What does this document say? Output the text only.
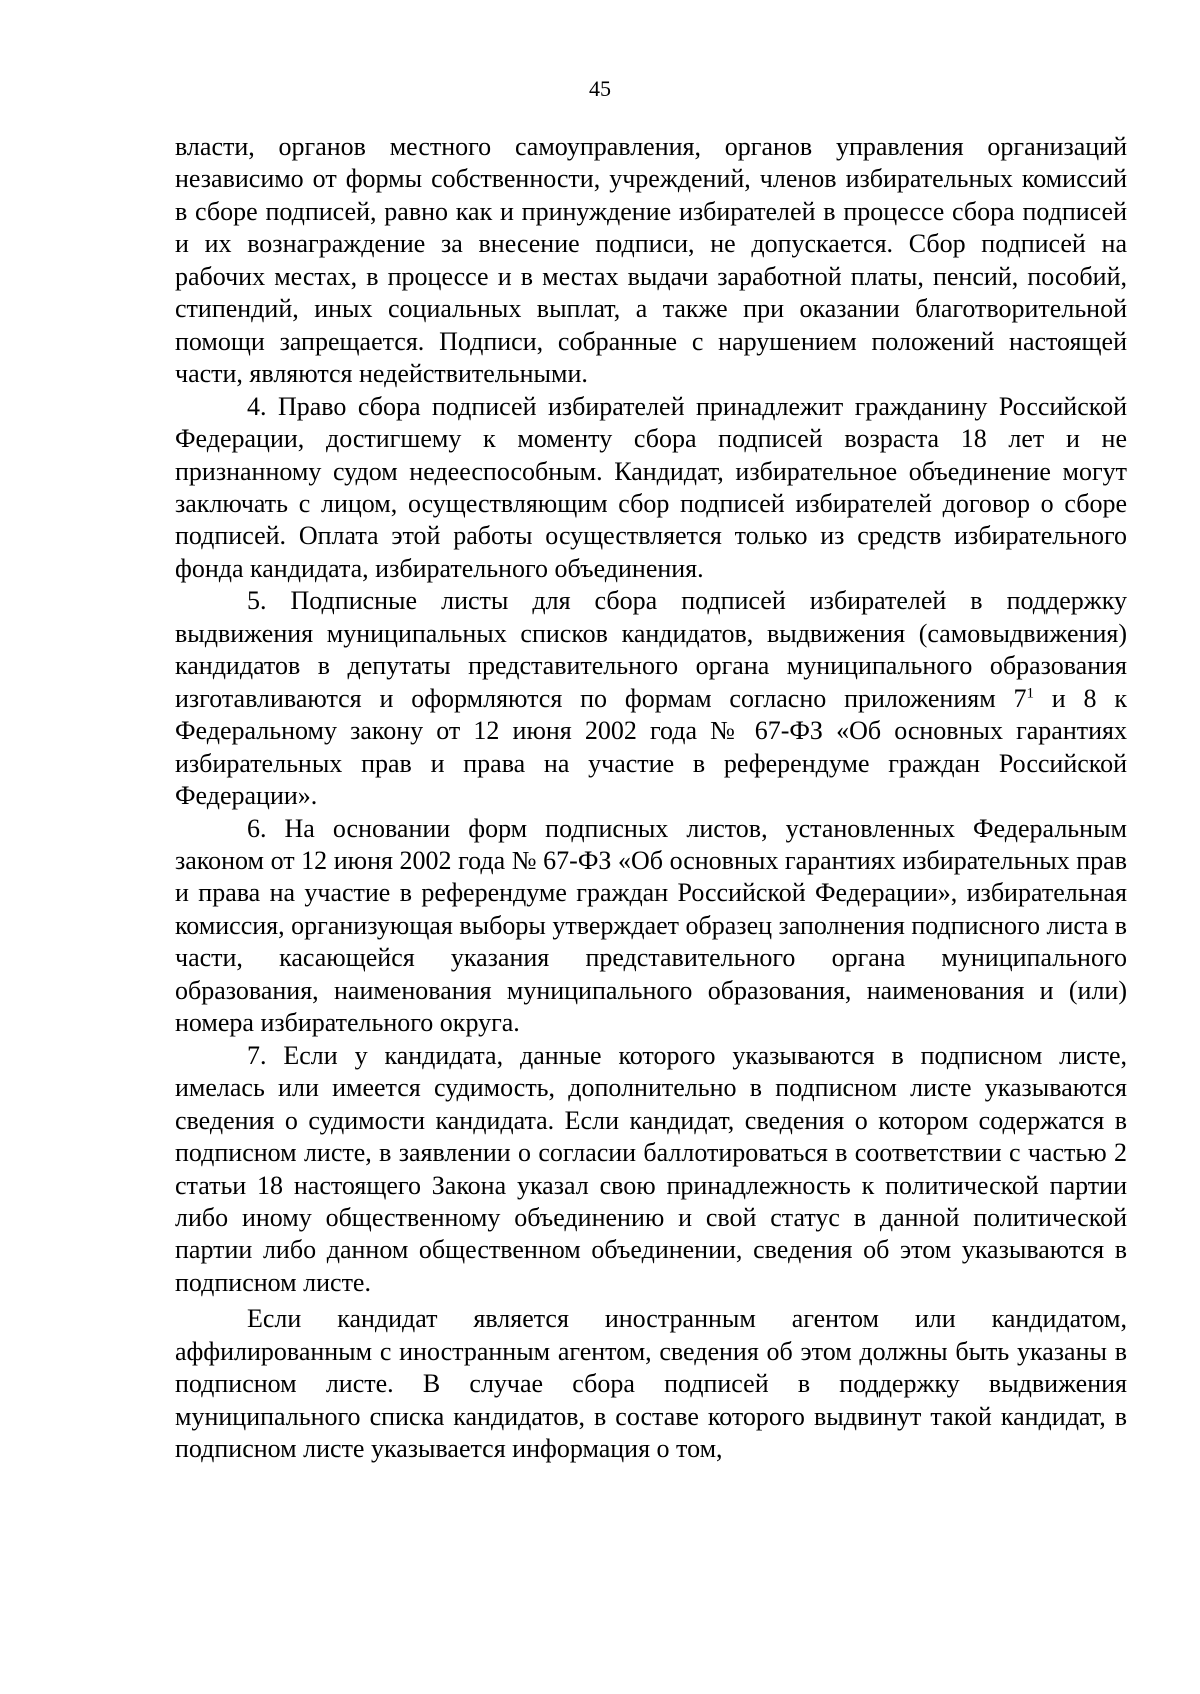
45

власти, органов местного самоуправления, органов управления организаций независимо от формы собственности, учреждений, членов избирательных комиссий в сборе подписей, равно как и принуждение избирателей в процессе сбора подписей и их вознаграждение за внесение подписи, не допускается. Сбор подписей на рабочих местах, в процессе и в местах выдачи заработной платы, пенсий, пособий, стипендий, иных социальных выплат, а также при оказании благотворительной помощи запрещается. Подписи, собранные с нарушением положений настоящей части, являются недействительными.

4. Право сбора подписей избирателей принадлежит гражданину Российской Федерации, достигшему к моменту сбора подписей возраста 18 лет и не признанному судом недееспособным. Кандидат, избирательное объединение могут заключать с лицом, осуществляющим сбор подписей избирателей договор о сборе подписей. Оплата этой работы осуществляется только из средств избирательного фонда кандидата, избирательного объединения.

5. Подписные листы для сбора подписей избирателей в поддержку выдвижения муниципальных списков кандидатов, выдвижения (самовыдвижения) кандидатов в депутаты представительного органа муниципального образования изготавливаются и оформляются по формам согласно приложениям $7^1$ и 8 к Федеральному закону от 12 июня 2002 года № 67-ФЗ «Об основных гарантиях избирательных прав и права на участие в референдуме граждан Российской Федерации».

6. На основании форм подписных листов, установленных Федеральным законом от 12 июня 2002 года № 67-ФЗ «Об основных гарантиях избирательных прав и права на участие в референдуме граждан Российской Федерации», избирательная комиссия, организующая выборы утверждает образец заполнения подписного листа в части, касающейся указания представительного органа муниципального образования, наименования муниципального образования, наименования и (или) номера избирательного округа.

7. Если у кандидата, данные которого указываются в подписном листе, имелась или имеется судимость, дополнительно в подписном листе указываются сведения о судимости кандидата. Если кандидат, сведения о котором содержатся в подписном листе, в заявлении о согласии баллотироваться в соответствии с частью 2 статьи 18 настоящего Закона указал свою принадлежность к политической партии либо иному общественному объединению и свой статус в данной политической партии либо данном общественном объединении, сведения об этом указываются в подписном листе.

Если кандидат является иностранным агентом или кандидатом, аффилированным с иностранным агентом, сведения об этом должны быть указаны в подписном листе. В случае сбора подписей в поддержку выдвижения муниципального списка кандидатов, в составе которого выдвинут такой кандидат, в подписном листе указывается информация о том,
